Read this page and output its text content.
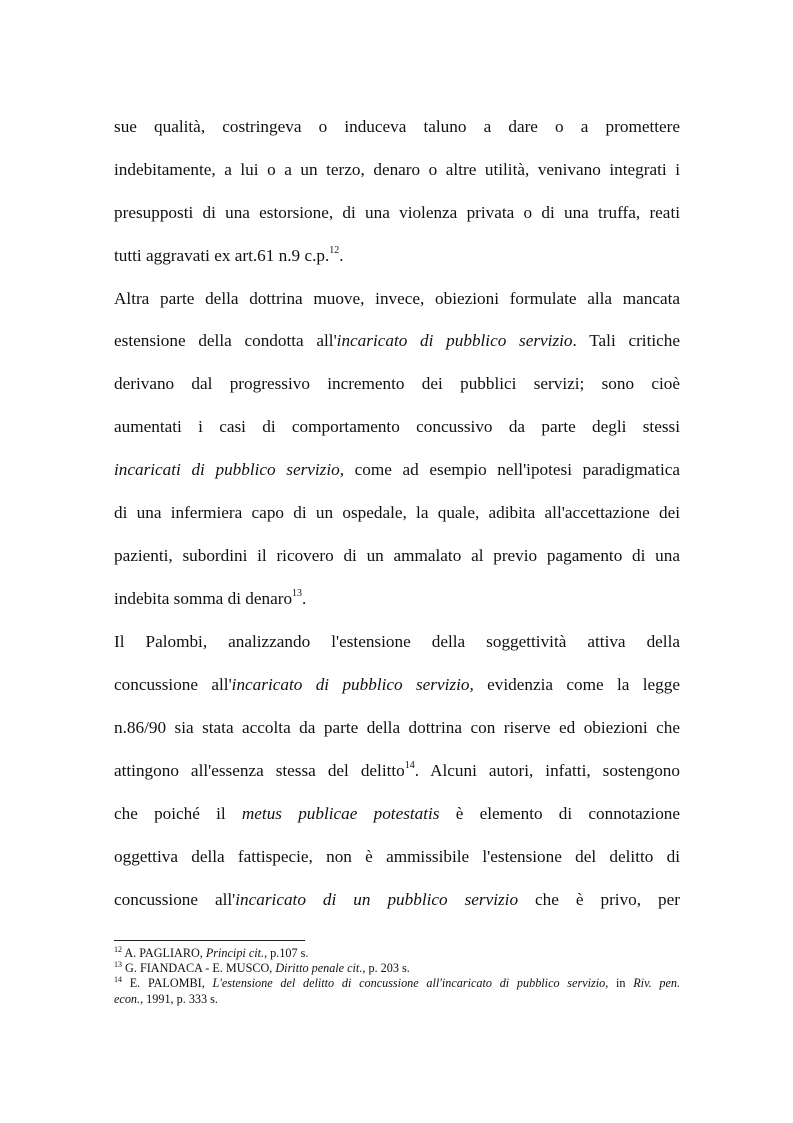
sue qualità, costringeva o induceva taluno a dare o a promettere
indebitamente, a lui o a un terzo, denaro o altre utilità, venivano integrati i
presupposti di una estorsione, di una violenza privata o di una truffa, reati
tutti aggravati ex art.61 n.9 c.p.$^{12}$.
Altra parte della dottrina muove, invece, obiezioni formulate alla mancata
estensione della condotta all'incaricato di pubblico servizio. Tali critiche
derivano dal progressivo incremento dei pubblici servizi; sono cioè
aumentati i casi di comportamento concussivo da parte degli stessi
incaricati di pubblico servizio, come ad esempio nell'ipotesi paradigmatica
di una infermiera capo di un ospedale, la quale, adibita all'accettazione dei
pazienti, subordini il ricovero di un ammalato al previo pagamento di una
indebita somma di denaro$^{13}$.
Il Palombi, analizzando l'estensione della soggettività attiva della
concussione all'incaricato di pubblico servizio, evidenzia come la legge
n.86/90 sia stata accolta da parte della dottrina con riserve ed obiezioni che
attingono all'essenza stessa del delitto$^{14}$. Alcuni autori, infatti, sostengono
che poiché il metus publicae potestatis è elemento di connotazione
oggettiva della fattispecie, non è ammissibile l'estensione del delitto di
concussione all'incaricato di un pubblico servizio che è privo, per
$^{12}$ A. PAGLIARO, Principi cit., p.107 s.
$^{13}$ G. FIANDACA - E. MUSCO, Diritto penale cit., p. 203 s.
$^{14}$ E. PALOMBI, L'estensione del delitto di concussione all'incaricato di pubblico servizio, in Riv. pen.
econ., 1991, p. 333 s.
